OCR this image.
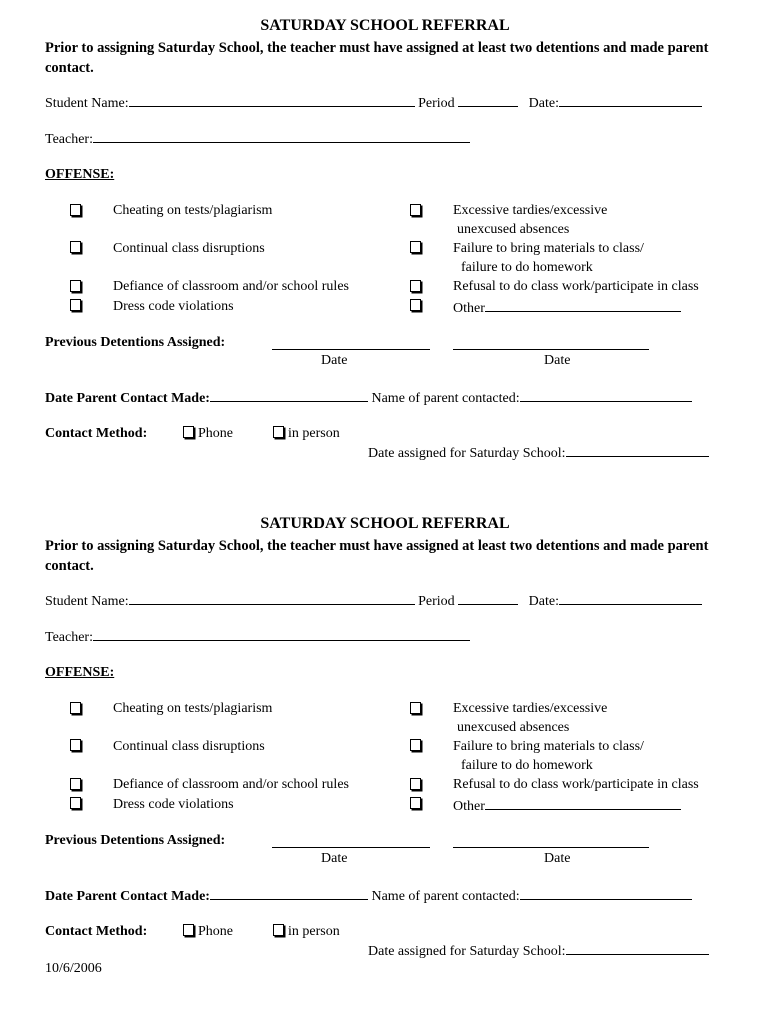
SATURDAY SCHOOL REFERRAL
Prior to assigning Saturday School, the teacher must have assigned at least two detentions and made parent contact.
Student Name:	Period	Date:
Teacher:
OFFENSE:
Cheating on tests/plagiarism
Continual class disruptions
Defiance of classroom and/or school rules
Dress code violations
Excessive tardies/excessive
unexcused absences
Failure to bring materials to class/
failure to do homework
Refusal to do class work/participate in class
Other
Previous Detentions Assigned:
Date	Date
Date Parent Contact Made:	Name of parent contacted:
Contact Method:	Phone	in person
Date assigned for Saturday School:
SATURDAY SCHOOL REFERRAL
Prior to assigning Saturday School, the teacher must have assigned at least two detentions and made parent contact.
Student Name:	Period	Date:
Teacher:
OFFENSE:
Cheating on tests/plagiarism
Continual class disruptions
Defiance of classroom and/or school rules
Dress code violations
Excessive tardies/excessive
unexcused absences
Failure to bring materials to class/
failure to do homework
Refusal to do class work/participate in class
Other
Previous Detentions Assigned:
Date	Date
Date Parent Contact Made:	Name of parent contacted:
Contact Method:	Phone	in person
Date assigned for Saturday School:
10/6/2006
